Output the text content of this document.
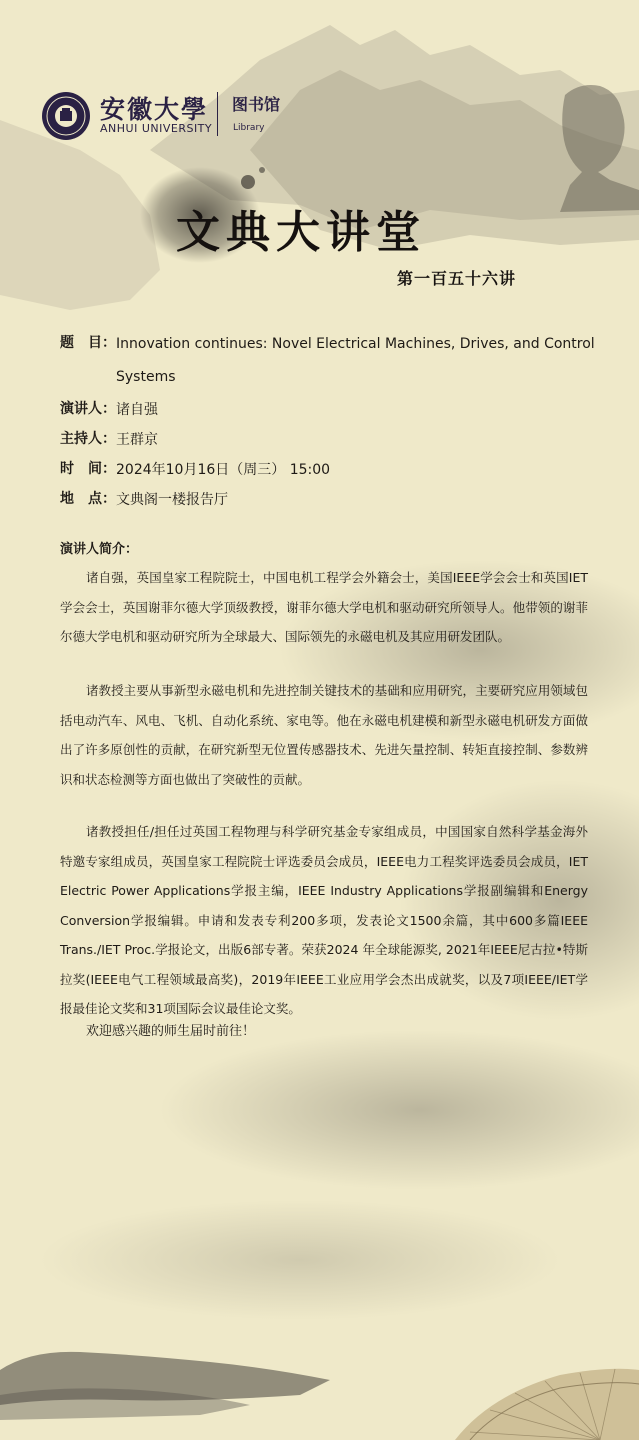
安徽大學
ANHUI UNIVERSITY
图书馆
Library
文典大讲堂
第一百五十六讲
题　目： Innovation continues: Novel Electrical Machines, Drives, and Control Systems
演讲人： 诸自强
主持人： 王群京
时　间： 2024年10月16日（周三） 15:00
地　点： 文典阁一楼报告厅
演讲人简介：
诸自强，英国皇家工程院院士，中国电机工程学会外籍会士，美国IEEE学会会士和英国IET学会会士，英国谢菲尔德大学顶级教授，谢菲尔德大学电机和驱动研究所领导人。他带领的谢菲尔德大学电机和驱动研究所为全球最大、国际领先的永磁电机及其应用研发团队。
诸教授主要从事新型永磁电机和先进控制关键技术的基础和应用研究，主要研究应用领域包括电动汽车、风电、飞机、自动化系统、家电等。他在永磁电机建模和新型永磁电机研发方面做出了许多原创性的贡献，在研究新型无位置传感器技术、先进矢量控制、转矩直接控制、参数辨识和状态检测等方面也做出了突破性的贡献。
诸教授担任/担任过英国工程物理与科学研究基金专家组成员，中国国家自然科学基金海外特邀专家组成员，英国皇家工程院院士评选委员会成员，IEEE电力工程奖评选委员会成员，IET Electric Power Applications学报主编，IEEE Industry Applications学报副编辑和Energy Conversion学报编辑。申请和发表专利200多项，发表论文1500余篇，其中600多篇IEEE Trans./IET Proc.学报论文，出版6部专著。荣获2024 年全球能源奖, 2021年IEEE尼古拉•特斯拉奖(IEEE电气工程领域最高奖)，2019年IEEE工业应用学会杰出成就奖，以及7项IEEE/IET学报最佳论文奖和31项国际会议最佳论文奖。
欢迎感兴趣的师生届时前往！
